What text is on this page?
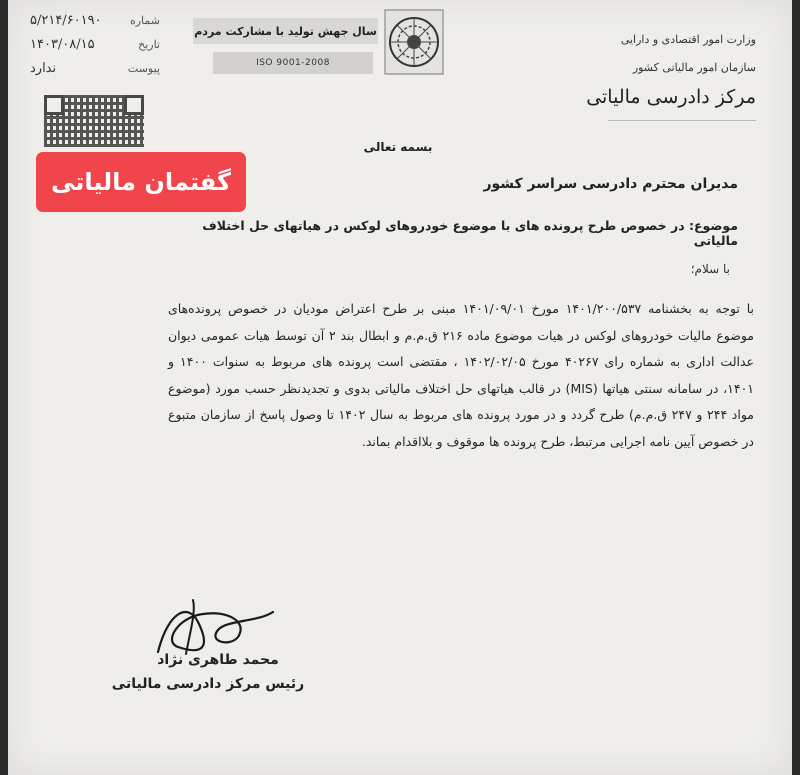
شماره
۵/۲۱۴/۶۰۱۹۰
تاریخ
۱۴۰۳/۰۸/۱۵
پیوست
ندارد
گفتمان مالیاتی
سال جهش تولید با مشارکت مردم
ISO 9001-2008
وزارت امور اقتصادی و دارایی
سازمان امور مالیاتی کشور
مرکز دادرسی مالیاتی
بسمه تعالی
مدیران محترم دادرسی سراسر کشور
موضوع: در خصوص طرح پرونده های با موضوع خودروهای لوکس در هیاتهای حل اختلاف مالیاتی
با سلام؛

با توجه به بخشنامه ۱۴۰۱/۲۰۰/۵۳۷ مورخ ۱۴۰۱/۰۹/۰۱ مبنی بر طرح اعتراض مودیان در خصوص پرونده‌های موضوع مالیات خودروهای لوکس در هیات موضوع ماده ۲۱۶ ق.م.م و ابطال بند ۲ آن توسط هیات عمومی دیوان عدالت اداری به شماره رای ۴۰۲۶۷ مورخ ۱۴۰۲/۰۲/۰۵ ، مقتضی است پرونده های مربوط به سنوات ۱۴۰۰ و ۱۴۰۱، در سامانه سنتی هیاتها (MIS) در قالب هیاتهای حل اختلاف مالیاتی بدوی و تجدیدنظر حسب مورد (موضوع مواد ۲۴۴ و ۲۴۷ ق.م.م) طرح گردد و در مورد پرونده های مربوط به سال ۱۴۰۲ تا وصول پاسخ از سازمان متبوع در خصوص آیین نامه اجرایی مرتبط، طرح پرونده ها موقوف و بلااقدام بماند.

محمد طاهری نژاد
رئیس مرکز دادرسی مالیاتی
